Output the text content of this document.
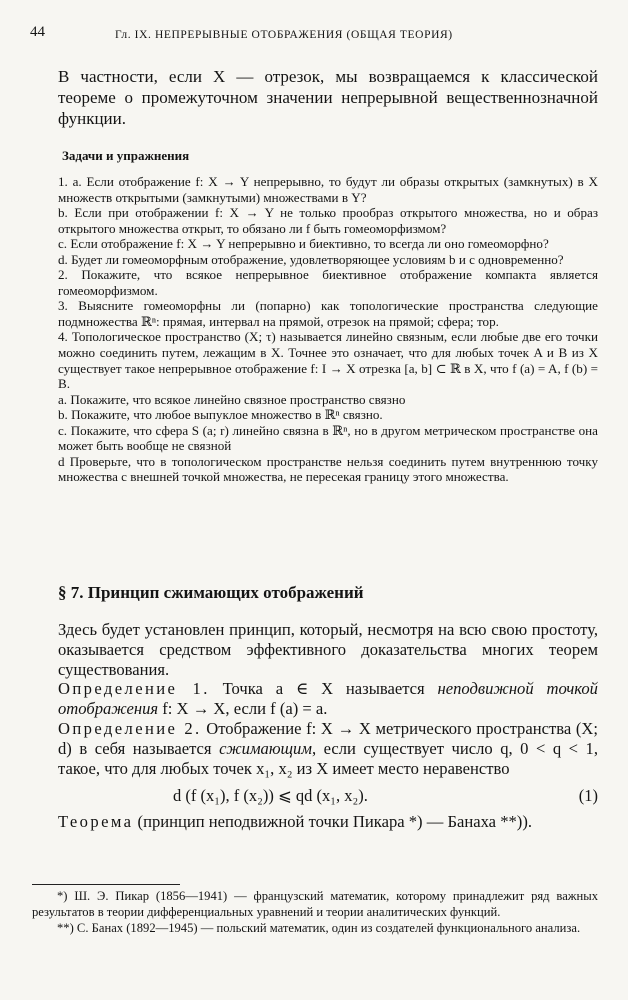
44	Гл. IX. НЕПРЕРЫВНЫЕ ОТОБРАЖЕНИЯ (ОБЩАЯ ТЕОРИЯ)
В частности, если X — отрезок, мы возвращаемся к классической теореме о промежуточном значении непрерывной вещественнозначной функции.
Задачи и упражнения

1. a. Если отображение f: X → Y непрерывно, то будут ли образы открытых (замкнутых) в X множеств открытыми (замкнутыми) множествами в Y?

b. Если при отображении f: X → Y не только прообраз открытого множества, но и образ открытого множества открыт, то обязано ли f быть гомеоморфизмом?

c. Если отображение f: X → Y непрерывно и биективно, то всегда ли оно гомеоморфно?

d. Будет ли гомеоморфным отображение, удовлетворяющее условиям b и c одновременно?

2. Покажите, что всякое непрерывное биективное отображение компакта является гомеоморфизмом.

3. Выясните гомеоморфны ли (попарно) как топологические пространства следующие подмножества ℝⁿ: прямая, интервал на прямой, отрезок на прямой; сфера; тор.

4. Топологическое пространство (X; τ) называется линейно связным, если любые две его точки можно соединить путем, лежащим в X. Точнее это означает, что для любых точек A и B из X существует такое непрерывное отображение f: I → X отрезка [a, b] ⊂ ℝ в X, что f (a) = A, f (b) = B.

a. Покажите, что всякое линейно связное пространство связно

b. Покажите, что любое выпуклое множество в ℝⁿ связно.

c. Покажите, что сфера S (a; r) линейно связна в ℝⁿ, но в другом метрическом пространстве она может быть вообще не связной

d Проверьте, что в топологическом пространстве нельзя соединить путем внутреннюю точку множества с внешней точкой множества, не пересекая границу этого множества.

§ 7. Принцип сжимающих отображений

Здесь будет установлен принцип, который, несмотря на всю свою простоту, оказывается средством эффективного доказательства многих теорем существования.

Определение 1. Точка a ∈ X называется неподвижной точкой отображения f: X → X, если f (a) = a.

Определение 2. Отображение f: X → X метрического пространства (X; d) в себя называется сжимающим, если существует число q, 0 < q < 1, такое, что для любых точек x₁, x₂ из X имеет место неравенство

d (f (x₁), f (x₂)) ⩽ qd (x₁, x₂).	(1)

Теорема (принцип неподвижной точки Пикара *) — Банаха **)).

*) Ш. Э. Пикар (1856—1941) — французский математик, которому принадлежит ряд важных результатов в теории дифференциальных уравнений и теории аналитических функций.

**) С. Банах (1892—1945) — польский математик, один из создателей функционального анализа.
